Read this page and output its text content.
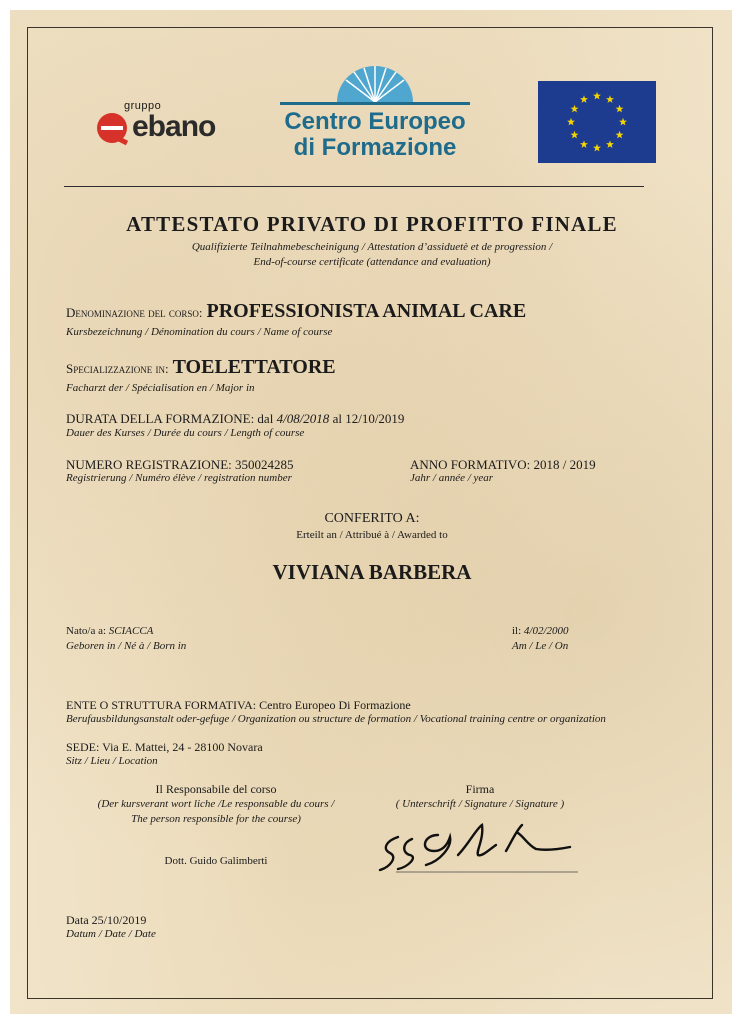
gruppo
ebano	Centro Europeo
di Formazione
ATTESTATO PRIVATO DI PROFITTO FINALE
Qualifizierte Teilnahmebescheinigung / Attestation d’assiduetè et de progression /
End-of-course certificate (attendance and evaluation)
Denominazione del corso: PROFESSIONISTA ANIMAL CARE
Kursbezeichnung / Dénomination du cours / Name of course
Specializzazione in: TOELETTATORE
Facharzt der / Spécialisation en / Major in
DURATA DELLA FORMAZIONE: dal 4/08/2018 al 12/10/2019
Dauer des Kurses / Durée du cours / Length of course
NUMERO REGISTRAZIONE: 350024285
Registrierung / Numéro élève / registration number
ANNO FORMATIVO: 2018 / 2019
Jahr / année / year
CONFERITO A:
Erteilt an / Attribué à / Awarded to
VIVIANA BARBERA
Nato/a a: SCIACCA
Geboren in / Né à / Born in
il: 4/02/2000
Am / Le / On
ENTE O STRUTTURA FORMATIVA: Centro Europeo Di Formazione
Berufausbildungsanstalt oder-gefuge / Organization ou structure de formation / Vocational training centre or organization
SEDE: Via E. Mattei, 24 - 28100 Novara
Sitz / Lieu / Location
Il Responsabile del corso
(Der kursverant wort liche /Le responsable du cours /
The person responsible for the course)
Dott. Guido Galimberti
Firma
( Unterschrift / Signature / Signature )
Data 25/10/2019
Datum / Date / Date
